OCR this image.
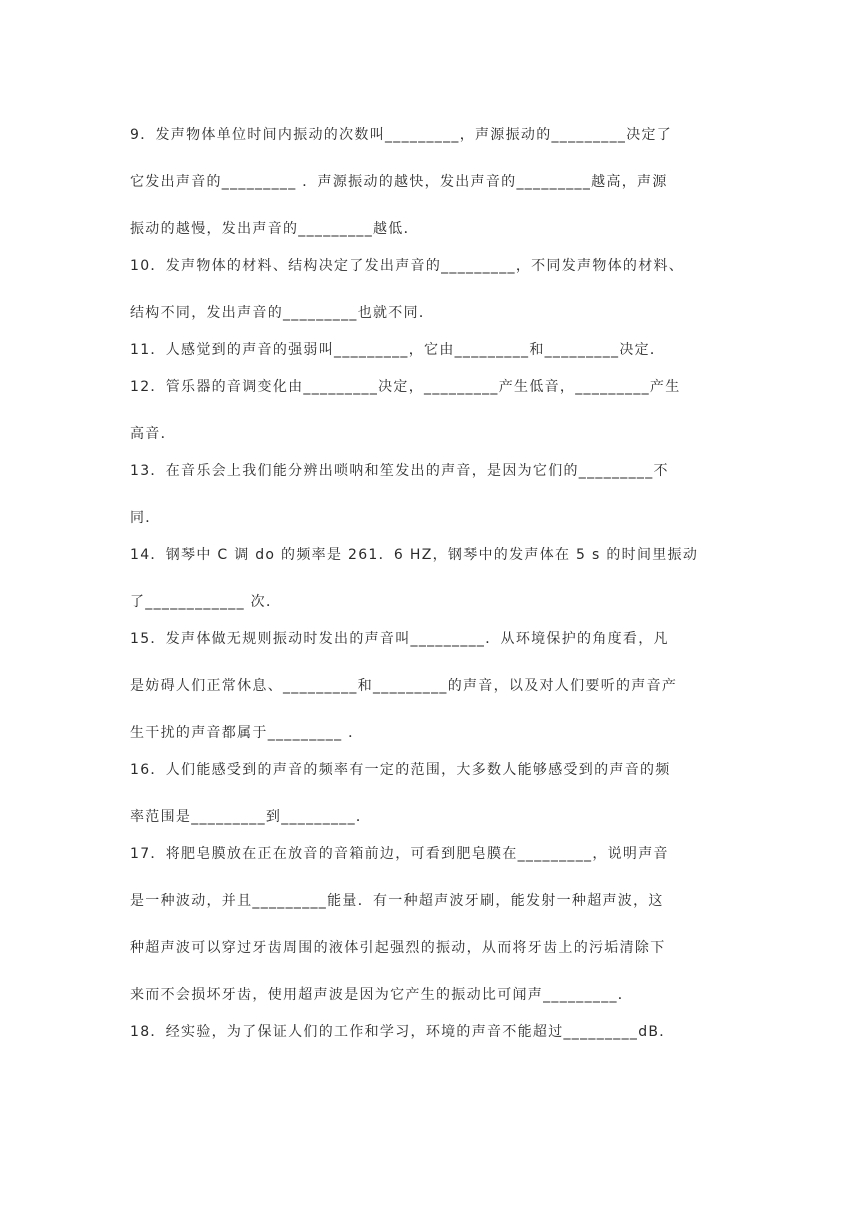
9．发声物体单位时间内振动的次数叫_________，声源振动的_________决定了
它发出声音的_________ ．声源振动的越快，发出声音的_________越高，声源
振动的越慢，发出声音的_________越低．
10．发声物体的材料、结构决定了发出声音的_________，不同发声物体的材料、
结构不同，发出声音的_________也就不同．
11．人感觉到的声音的强弱叫_________，它由_________和_________决定．
12．管乐器的音调变化由_________决定，_________产生低音，_________产生
高音．
13．在音乐会上我们能分辨出唢呐和笙发出的声音，是因为它们的_________不
同．
14．钢琴中 C 调 do 的频率是 261．6 HZ，钢琴中的发声体在 5 s 的时间里振动
了____________ 次．
15．发声体做无规则振动时发出的声音叫_________．从环境保护的角度看，凡
是妨碍人们正常休息、_________和_________的声音，以及对人们要听的声音产
生干扰的声音都属于_________ ．
16．人们能感受到的声音的频率有一定的范围，大多数人能够感受到的声音的频
率范围是_________到_________．
17．将肥皂膜放在正在放音的音箱前边，可看到肥皂膜在_________，说明声音
是一种波动，并且_________能量．有一种超声波牙刷，能发射一种超声波，这
种超声波可以穿过牙齿周围的液体引起强烈的振动，从而将牙齿上的污垢清除下
来而不会损坏牙齿，使用超声波是因为它产生的振动比可闻声_________．
18．经实验，为了保证人们的工作和学习，环境的声音不能超过_________dB．
